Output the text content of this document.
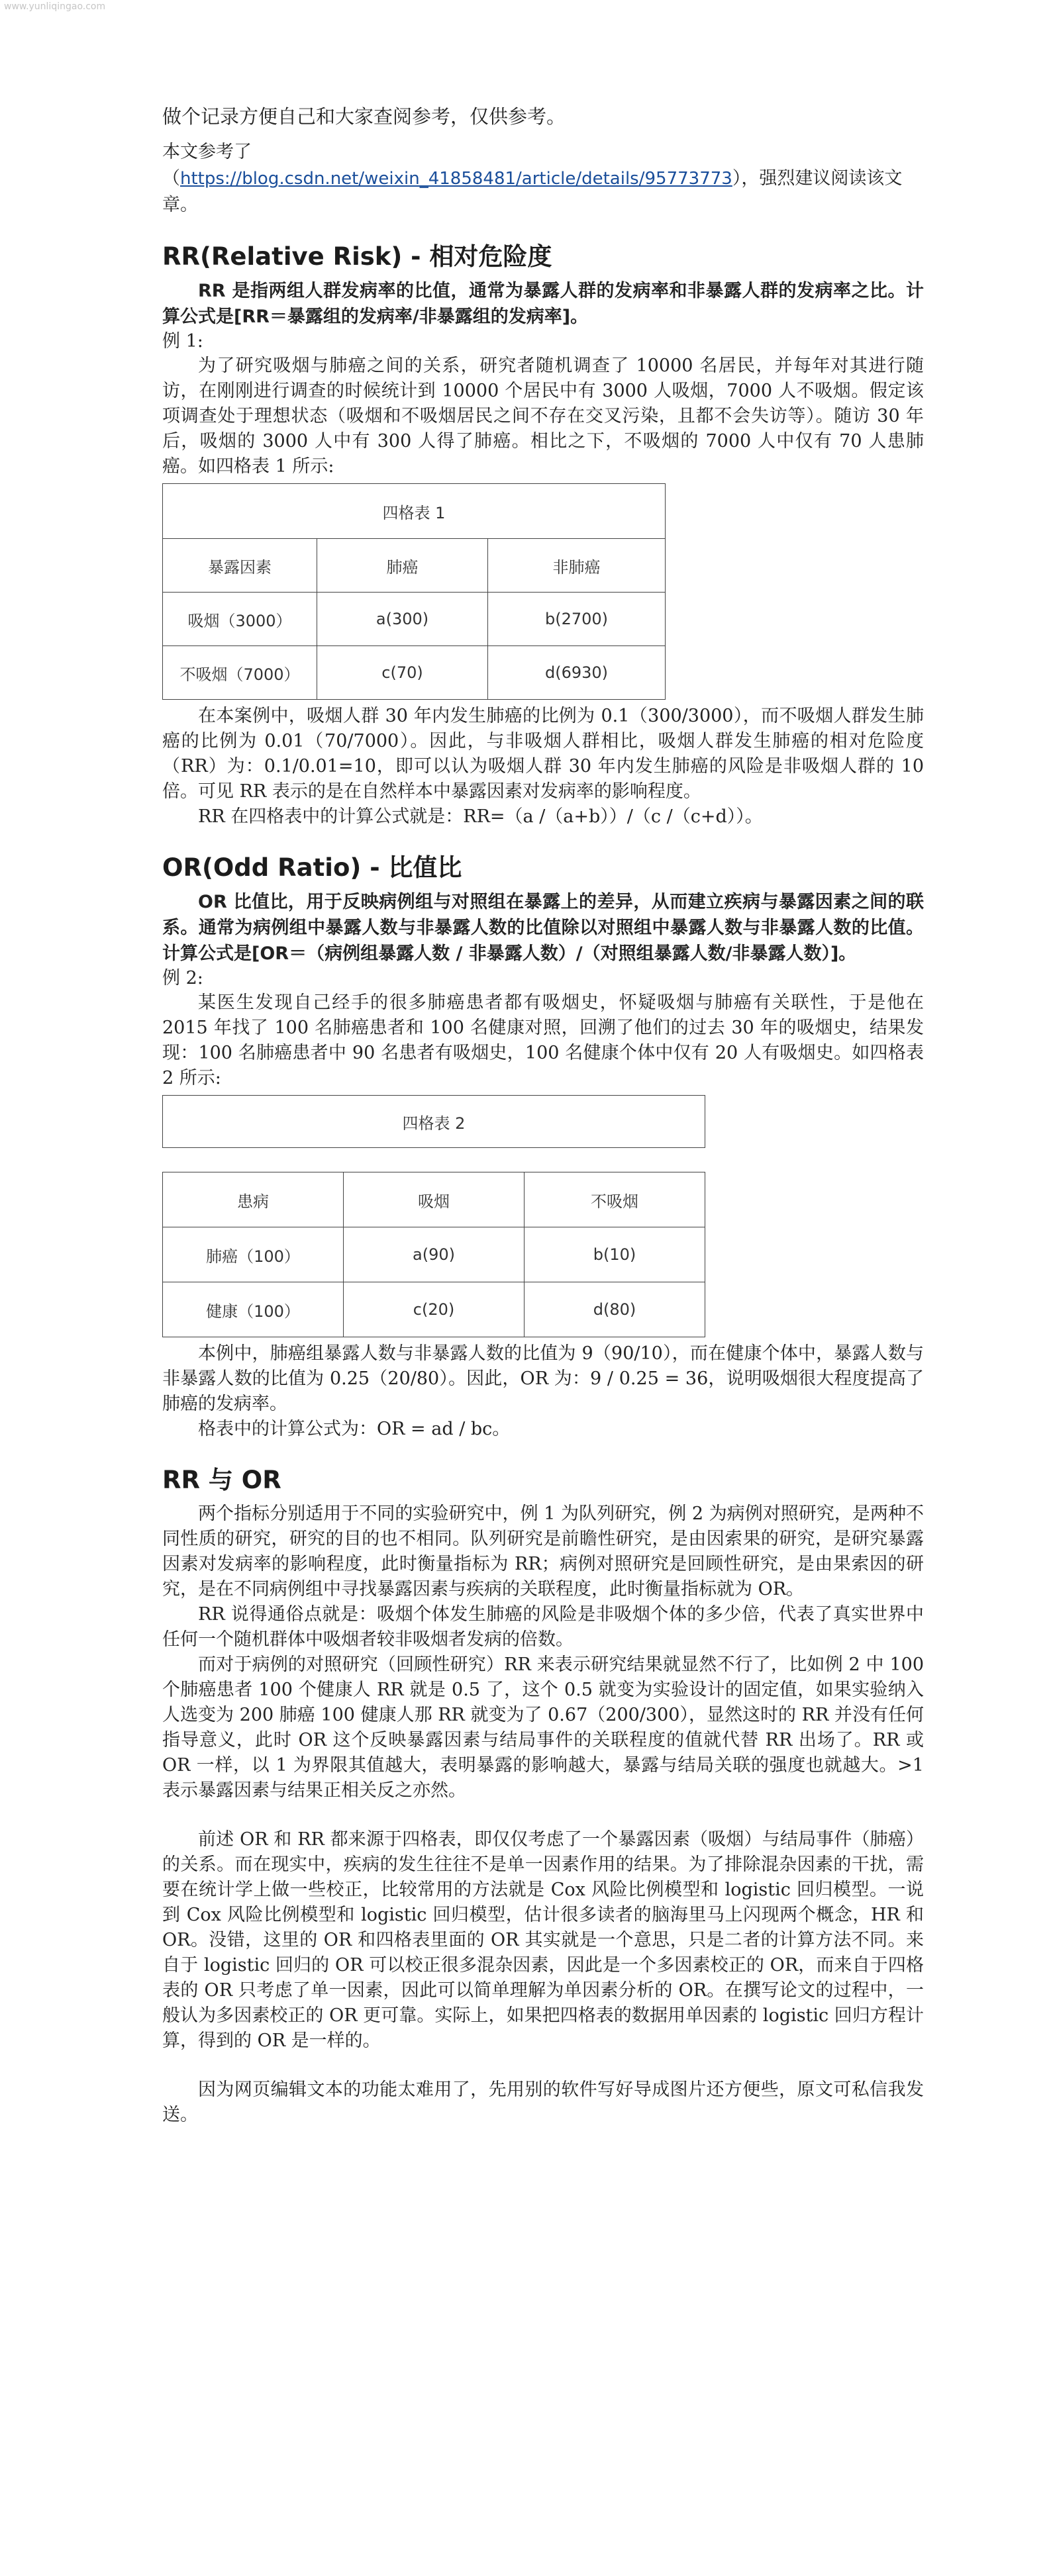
www.yunliqingao.com

做个记录方便自己和大家查阅参考，仅供参考。

本文参考了
（https://blog.csdn.net/weixin_41858481/article/details/95773773），强烈建议阅读该文章。

RR(Relative Risk) - 相对危险度

RR 是指两组人群发病率的比值，通常为暴露人群的发病率和非暴露人群的发病率之比。计算公式是[RR＝暴露组的发病率/非暴露组的发病率]。

例 1:

为了研究吸烟与肺癌之间的关系，研究者随机调查了 10000 名居民，并每年对其进行随访，在刚刚进行调查的时候统计到 10000 个居民中有 3000 人吸烟，7000 人不吸烟。假定该项调查处于理想状态（吸烟和不吸烟居民之间不存在交叉污染，且都不会失访等）。随访 30 年后，吸烟的 3000 人中有 300 人得了肺癌。相比之下，不吸烟的 7000 人中仅有 70 人患肺癌。如四格表 1 所示:

四格表 1		
暴露因素	肺癌	非肺癌
吸烟（3000）	a(300)	b(2700)
不吸烟（7000）	c(70)	d(6930)

在本案例中，吸烟人群 30 年内发生肺癌的比例为 0.1（300/3000），而不吸烟人群发生肺癌的比例为 0.01（70/7000）。因此，与非吸烟人群相比，吸烟人群发生肺癌的相对危险度（RR）为：0.1/0.01=10，即可以认为吸烟人群 30 年内发生肺癌的风险是非吸烟人群的 10 倍。可见 RR 表示的是在自然样本中暴露因素对发病率的影响程度。

RR 在四格表中的计算公式就是：RR=（a /（a+b））/（c /（c+d））。

OR(Odd Ratio) - 比值比

OR 比值比，用于反映病例组与对照组在暴露上的差异，从而建立疾病与暴露因素之间的联系。通常为病例组中暴露人数与非暴露人数的比值除以对照组中暴露人数与非暴露人数的比值。计算公式是[OR＝（病例组暴露人数 / 非暴露人数）/（对照组暴露人数/非暴露人数）]。

例 2:

某医生发现自己经手的很多肺癌患者都有吸烟史，怀疑吸烟与肺癌有关联性，于是他在 2015 年找了 100 名肺癌患者和 100 名健康对照，回溯了他们的过去 30 年的吸烟史，结果发现：100 名肺癌患者中 90 名患者有吸烟史，100 名健康个体中仅有 20 人有吸烟史。如四格表 2 所示:

四格表 2
患病	吸烟	不吸烟
肺癌（100）	a(90)	b(10)
健康（100）	c(20)	d(80)

本例中，肺癌组暴露人数与非暴露人数的比值为 9（90/10），而在健康个体中，暴露人数与非暴露人数的比值为 0.25（20/80）。因此，OR 为：9 / 0.25 = 36，说明吸烟很大程度提高了肺癌的发病率。

格表中的计算公式为：OR = ad / bc。

RR 与 OR

两个指标分别适用于不同的实验研究中，例 1 为队列研究，例 2 为病例对照研究，是两种不同性质的研究，研究的目的也不相同。队列研究是前瞻性研究，是由因索果的研究，是研究暴露因素对发病率的影响程度，此时衡量指标为 RR；病例对照研究是回顾性研究，是由果索因的研究，是在不同病例组中寻找暴露因素与疾病的关联程度，此时衡量指标就为 OR。

RR 说得通俗点就是：吸烟个体发生肺癌的风险是非吸烟个体的多少倍，代表了真实世界中任何一个随机群体中吸烟者较非吸烟者发病的倍数。

而对于病例的对照研究（回顾性研究）RR 来表示研究结果就显然不行了，比如例 2 中 100 个肺癌患者 100 个健康人 RR 就是 0.5 了，这个 0.5 就变为实验设计的固定值，如果实验纳入人选变为 200 肺癌 100 健康人那 RR 就变为了 0.67（200/300），显然这时的 RR 并没有任何指导意义，此时 OR 这个反映暴露因素与结局事件的关联程度的值就代替 RR 出场了。RR 或 OR 一样，以 1 为界限其值越大，表明暴露的影响越大，暴露与结局关联的强度也就越大。>1 表示暴露因素与结果正相关反之亦然。

前述 OR 和 RR 都来源于四格表，即仅仅考虑了一个暴露因素（吸烟）与结局事件（肺癌）的关系。而在现实中，疾病的发生往往不是单一因素作用的结果。为了排除混杂因素的干扰，需要在统计学上做一些校正，比较常用的方法就是 Cox 风险比例模型和 logistic 回归模型。一说到 Cox 风险比例模型和 logistic 回归模型，估计很多读者的脑海里马上闪现两个概念，HR 和 OR。没错，这里的 OR 和四格表里面的 OR 其实就是一个意思，只是二者的计算方法不同。来自于 logistic 回归的 OR 可以校正很多混杂因素，因此是一个多因素校正的 OR，而来自于四格表的 OR 只考虑了单一因素，因此可以简单理解为单因素分析的 OR。在撰写论文的过程中，一般认为多因素校正的 OR 更可靠。实际上，如果把四格表的数据用单因素的 logistic 回归方程计算，得到的 OR 是一样的。

因为网页编辑文本的功能太难用了，先用别的软件写好导成图片还方便些，原文可私信我发送。
